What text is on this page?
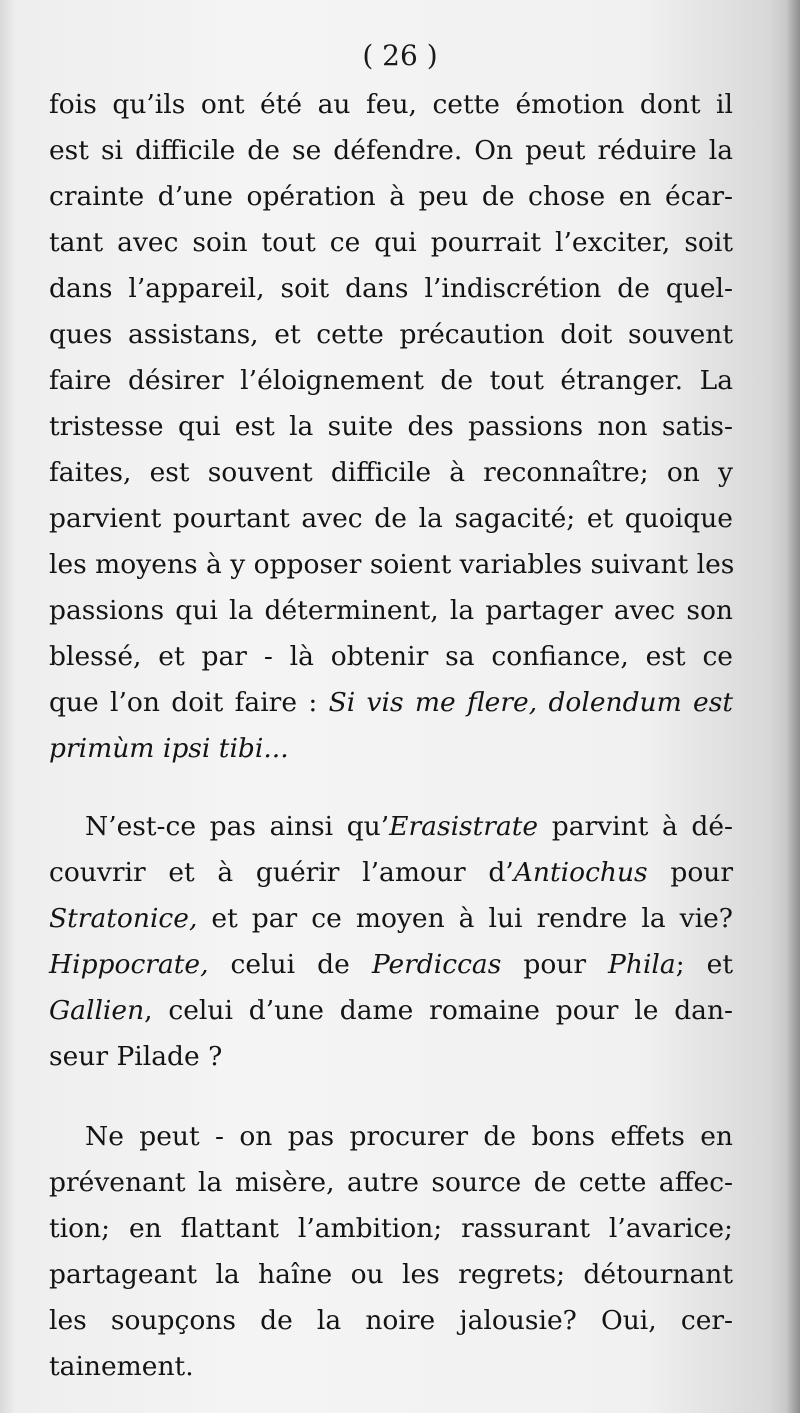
( 26 )
fois qu’ils ont été au feu, cette émotion dont il
est si difficile de se défendre. On peut réduire la
crainte d’une opération à peu de chose en écar-
tant avec soin tout ce qui pourrait l’exciter, soit
dans l’appareil, soit dans l’indiscrétion de quel-
ques assistans, et cette précaution doit souvent
faire désirer l’éloignement de tout étranger. La
tristesse qui est la suite des passions non satis-
faites, est souvent difficile à reconnaître; on y
parvient pourtant avec de la sagacité; et quoique
les moyens à y opposer soient variables suivant les
passions qui la déterminent, la partager avec son
blessé, et par - là obtenir sa confiance, est ce
que l’on doit faire : Si vis me flere, dolendum est
primùm ipsi tibi...
N’est-ce pas ainsi qu’Erasistrate parvint à dé-
couvrir et à guérir l’amour d’Antiochus pour
Stratonice, et par ce moyen à lui rendre la vie?
Hippocrate, celui de Perdiccas pour Phila; et
Gallien, celui d’une dame romaine pour le dan-
seur Pilade ?
Ne peut - on pas procurer de bons effets en
prévenant la misère, autre source de cette affec-
tion; en flattant l’ambition; rassurant l’avarice;
partageant la haîne ou les regrets; détournant
les soupçons de la noire jalousie? Oui, cer-
tainement.
